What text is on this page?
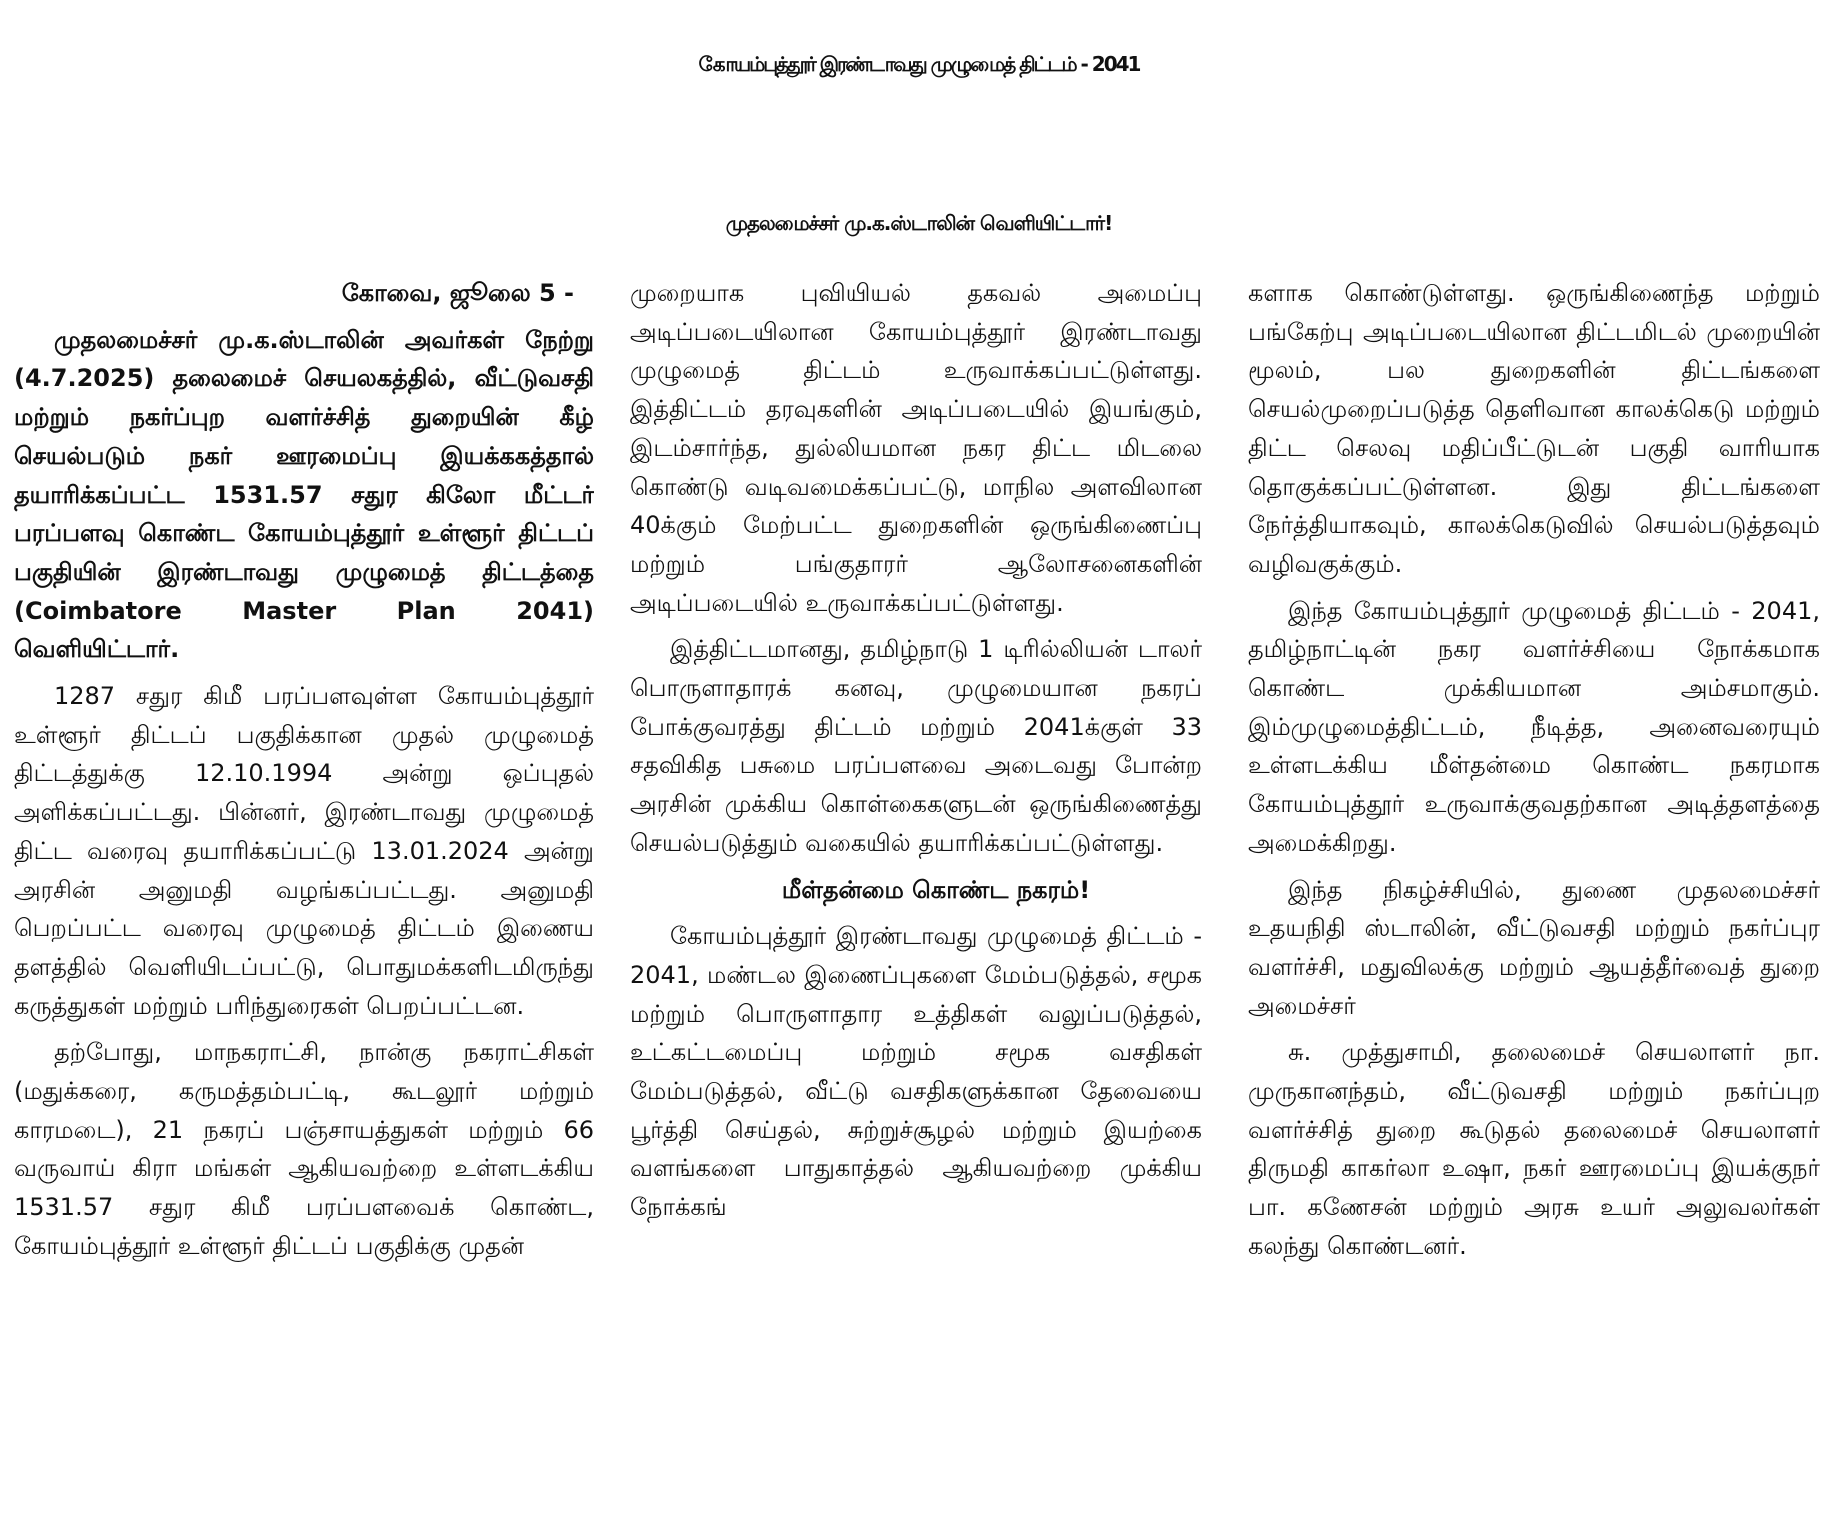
கோயம்புத்தூர் இரண்டாவது முழுமைத் திட்டம் - 2041
முதலமைச்சர் மு.க.ஸ்டாலின் வெளியிட்டார்!

கோவை, ஜூலை 5 -

முதலமைச்சர் மு.க.ஸ்டாலின் அவர்கள் நேற்று (4.7.2025) தலைமைச் செயலகத்தில், வீட்டுவசதி மற்றும் நகர்ப்புற வளர்ச்சித் துறையின் கீழ் செயல்படும் நகர் ஊரமைப்பு இயக்ககத்தால் தயாரிக்கப்பட்ட 1531.57 சதுர கிலோ மீட்டர் பரப்பளவு கொண்ட கோயம்புத்தூர் உள்ளூர் திட்டப் பகுதியின் இரண்டாவது முழுமைத் திட்டத்தை (Coimbatore Master Plan 2041) வெளியிட்டார்.

1287 சதுர கிமீ பரப்பளவுள்ள கோயம்புத்தூர் உள்ளூர் திட்டப் பகுதிக்கான முதல் முழுமைத் திட்டத்துக்கு 12.10.1994 அன்று ஒப்புதல் அளிக்கப்பட்டது. பின்னர், இரண்டாவது முழுமைத் திட்ட வரைவு தயாரிக்கப்பட்டு 13.01.2024 அன்று அரசின் அனுமதி வழங்கப்பட்டது. அனுமதி பெறப்பட்ட வரைவு முழுமைத் திட்டம் இணைய தளத்தில் வெளியிடப்பட்டு, பொதுமக்களிடமிருந்து கருத்துகள் மற்றும் பரிந்துரைகள் பெறப்பட்டன.

தற்போது, மாநகராட்சி, நான்கு நகராட்சிகள் (மதுக்கரை, கருமத்தம்பட்டி, கூடலூர் மற்றும் காரமடை), 21 நகரப் பஞ்சாயத்துகள் மற்றும் 66 வருவாய் கிரா மங்கள் ஆகியவற்றை உள்ளடக்கிய 1531.57 சதுர கிமீ பரப்பளவைக் கொண்ட, கோயம்புத்தூர் உள்ளூர் திட்டப் பகுதிக்கு முதன்

முறையாக புவியியல் தகவல் அமைப்பு அடிப்படையிலான கோயம்புத்தூர் இரண்டாவது முழுமைத் திட்டம் உருவாக்கப்பட்டுள்ளது. இத்திட்டம் தரவுகளின் அடிப்படையில் இயங்கும், இடம்சார்ந்த, துல்லியமான நகர திட்ட மிடலை கொண்டு வடிவமைக்கப்பட்டு, மாநில அளவிலான 40க்கும் மேற்பட்ட துறைகளின் ஒருங்கிணைப்பு மற்றும் பங்குதாரர் ஆலோசனைகளின் அடிப்படையில் உருவாக்கப்பட்டுள்ளது.

இத்திட்டமானது, தமிழ்நாடு 1 டிரில்லியன் டாலர் பொருளாதாரக் கனவு, முழுமையான நகரப் போக்குவரத்து திட்டம் மற்றும் 2041க்குள் 33 சதவிகித பசுமை பரப்பளவை அடைவது போன்ற அரசின் முக்கிய கொள்கைகளுடன் ஒருங்கிணைத்து செயல்படுத்தும் வகையில் தயாரிக்கப்பட்டுள்ளது.

மீள்தன்மை கொண்ட நகரம்!

கோயம்புத்தூர் இரண்டாவது முழுமைத் திட்டம் - 2041, மண்டல இணைப்புகளை மேம்படுத்தல், சமூக மற்றும் பொருளாதார உத்திகள் வலுப்படுத்தல், உட்கட்டமைப்பு மற்றும் சமூக வசதிகள் மேம்படுத்தல், வீட்டு வசதிகளுக்கான தேவையை பூர்த்தி செய்தல், சுற்றுச்சூழல் மற்றும் இயற்கை வளங்களை பாதுகாத்தல் ஆகியவற்றை முக்கிய நோக்கங்

களாக கொண்டுள்ளது. ஒருங்கிணைந்த மற்றும் பங்கேற்பு அடிப்படையிலான திட்டமிடல் முறையின் மூலம், பல துறைகளின் திட்டங்களை செயல்முறைப்படுத்த தெளிவான காலக்கெடு மற்றும் திட்ட செலவு மதிப்பீட்டுடன் பகுதி வாரியாக தொகுக்கப்பட்டுள்ளன. இது திட்டங்களை நேர்த்தியாகவும், காலக்கெடுவில் செயல்படுத்தவும் வழிவகுக்கும்.

இந்த கோயம்புத்தூர் முழுமைத் திட்டம் - 2041, தமிழ்நாட்டின் நகர வளர்ச்சியை நோக்கமாக கொண்ட முக்கியமான அம்சமாகும். இம்முழுமைத்திட்டம், நீடித்த, அனைவரையும் உள்ளடக்கிய மீள்தன்மை கொண்ட நகரமாக கோயம்புத்தூர் உருவாக்குவதற்கான அடித்தளத்தை அமைக்கிறது.

இந்த நிகழ்ச்சியில், துணை முதலமைச்சர் உதயநிதி ஸ்டாலின், வீட்டுவசதி மற்றும் நகர்ப்புர வளர்ச்சி, மதுவிலக்கு மற்றும் ஆயத்தீர்வைத் துறை அமைச்சர்

சு. முத்துசாமி, தலைமைச் செயலாளர் நா. முருகானந்தம், வீட்டுவசதி மற்றும் நகர்ப்புற வளர்ச்சித் துறை கூடுதல் தலைமைச் செயலாளர் திருமதி காகர்லா உஷா, நகர் ஊரமைப்பு இயக்குநர் பா. கணேசன் மற்றும் அரசு உயர் அலுவலர்கள் கலந்து கொண்டனர்.
